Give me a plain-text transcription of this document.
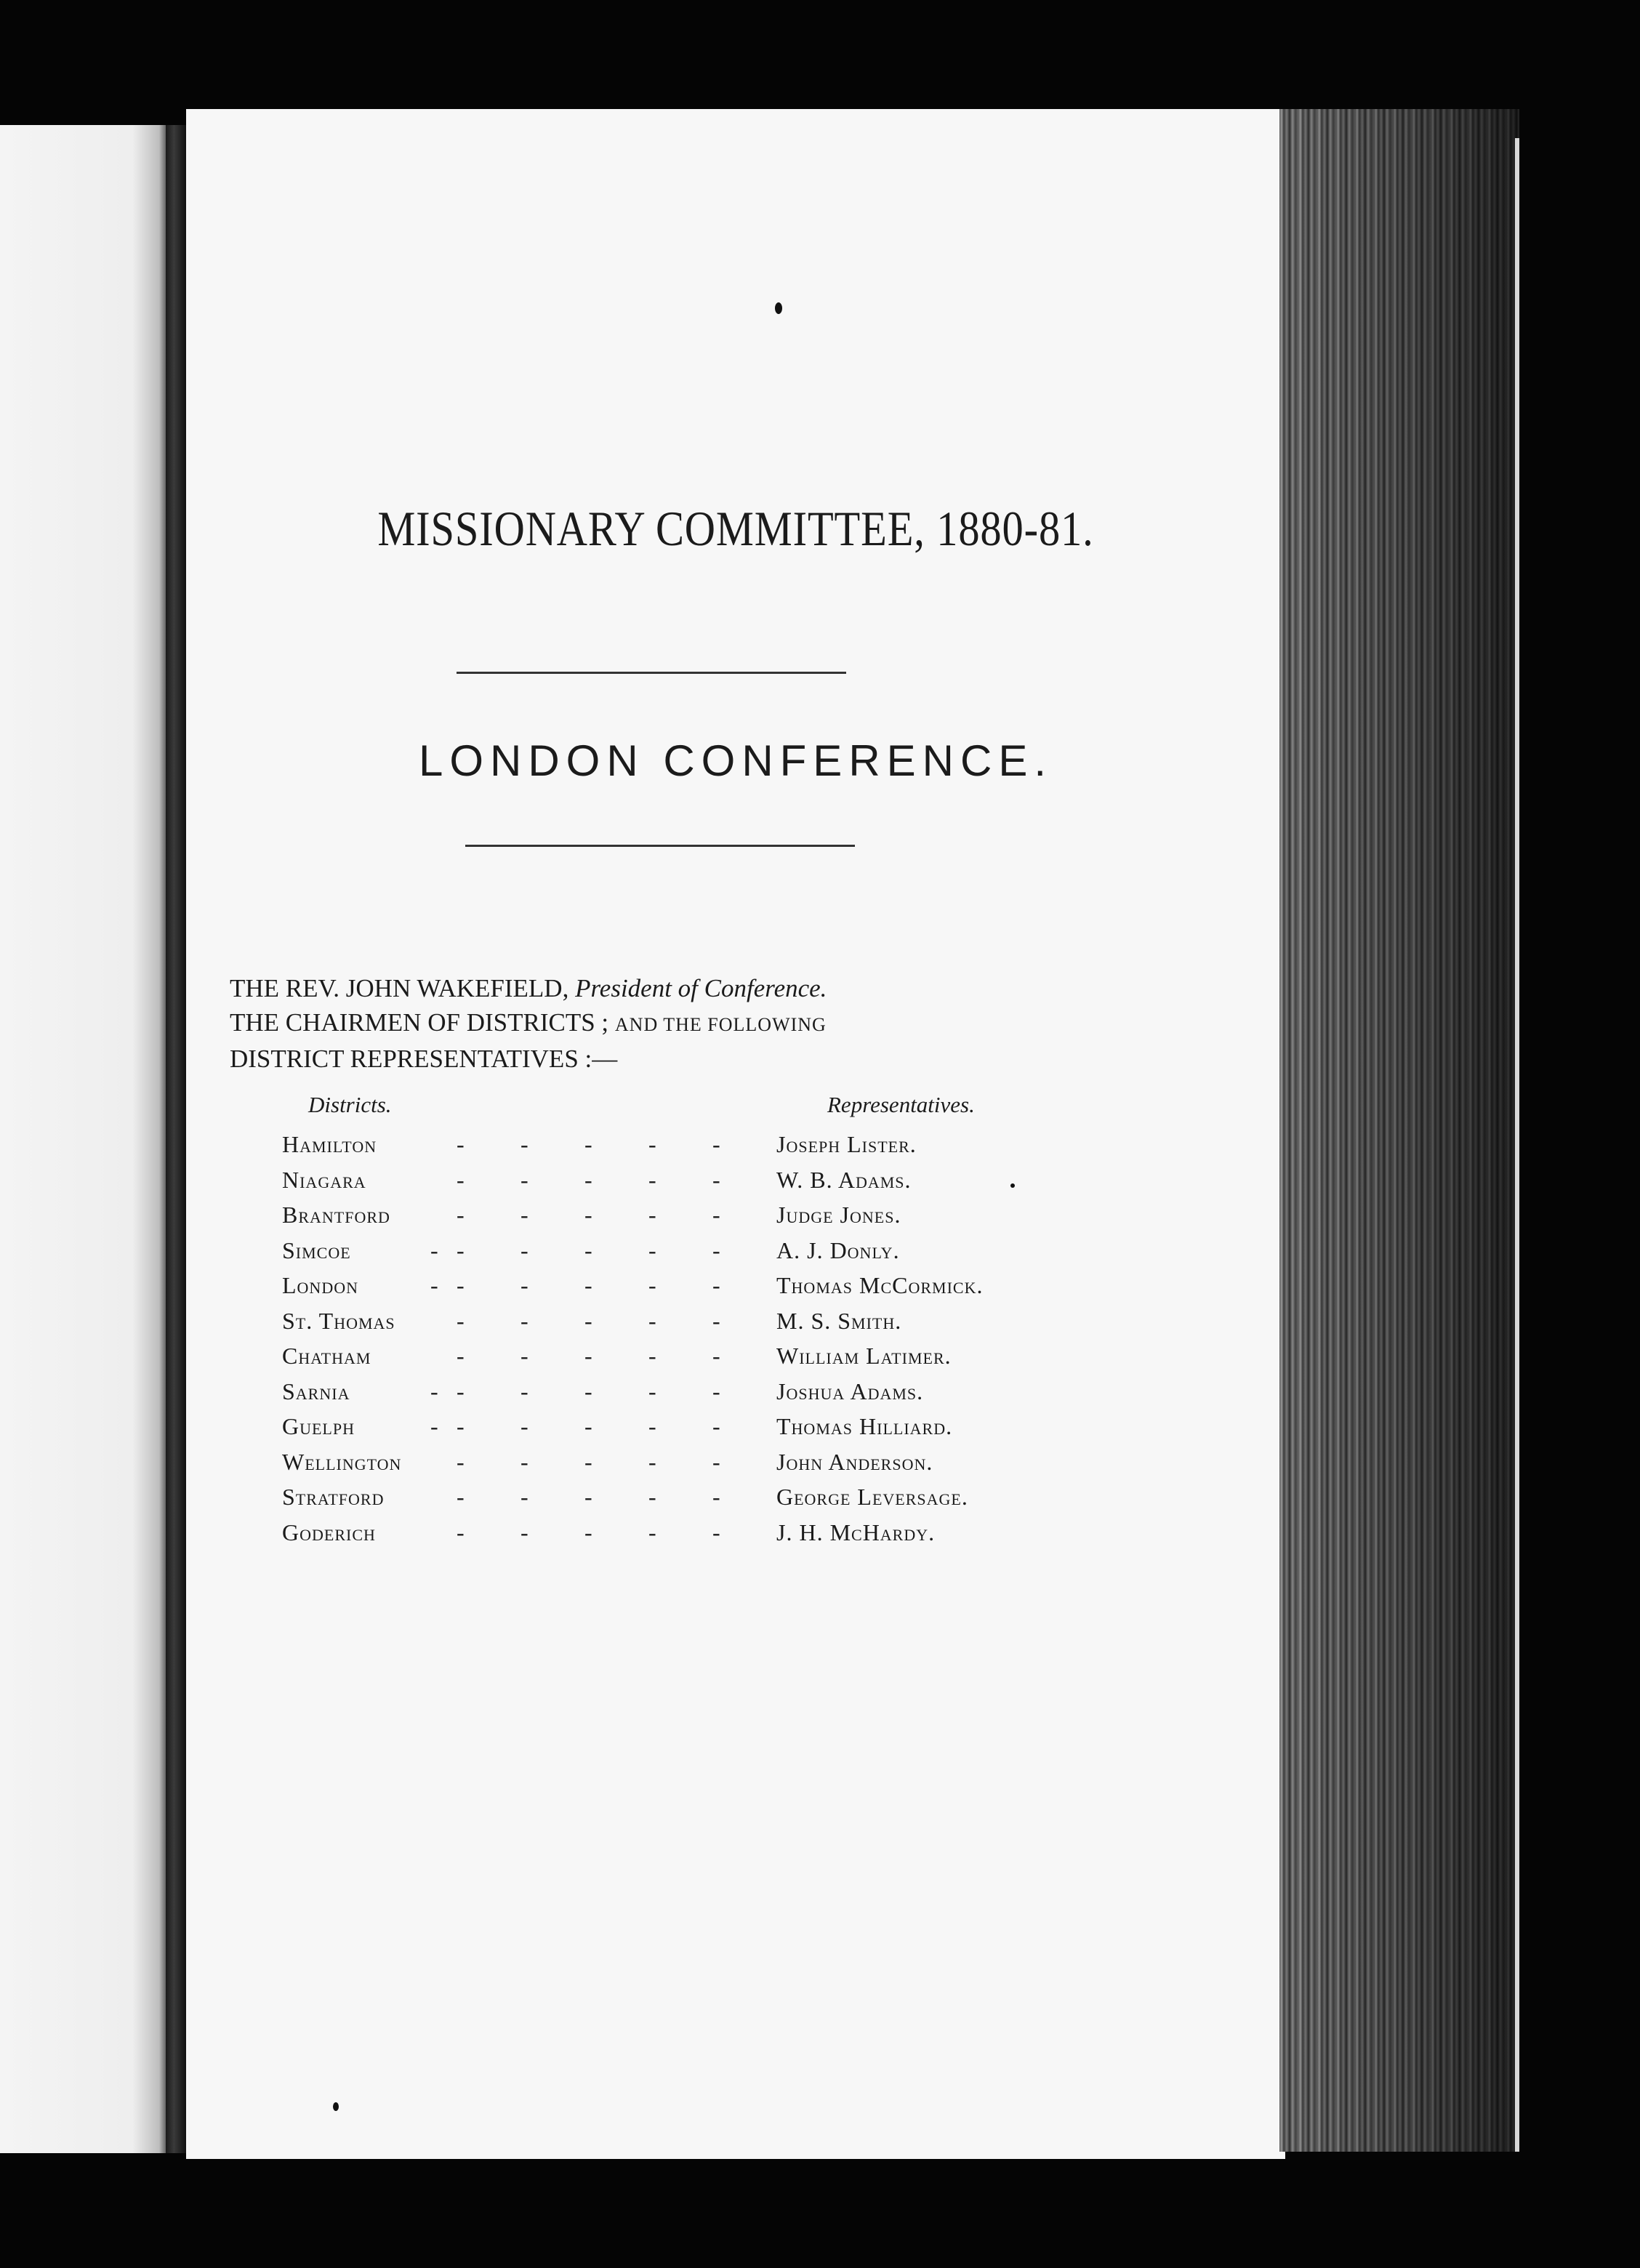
MISSIONARY COMMITTEE, 1880-81.
LONDON CONFERENCE.
THE REV. JOHN WAKEFIELD, President of Conference.
THE CHAIRMEN OF DISTRICTS ; AND THE FOLLOWING
DISTRICT REPRESENTATIVES :—
Districts.	Representatives.
Hamilton	- - - - - Joseph Lister.
Niagara	- - - - - W. B. Adams.
Brantford	- - - - - Judge Jones.
Simcoe	- - - - - - A. J. Donly.
London	- - - - - - Thomas McCormick.
St. Thomas	- - - - - M. S. Smith.
Chatham	- - - - - William Latimer.
Sarnia	- - - - - - Joshua Adams.
Guelph	- - - - - - Thomas Hilliard.
Wellington - - - - - John Anderson.
Stratford	- - - - - George Leversage.
Goderich	- - - - - J. H. McHardy.
